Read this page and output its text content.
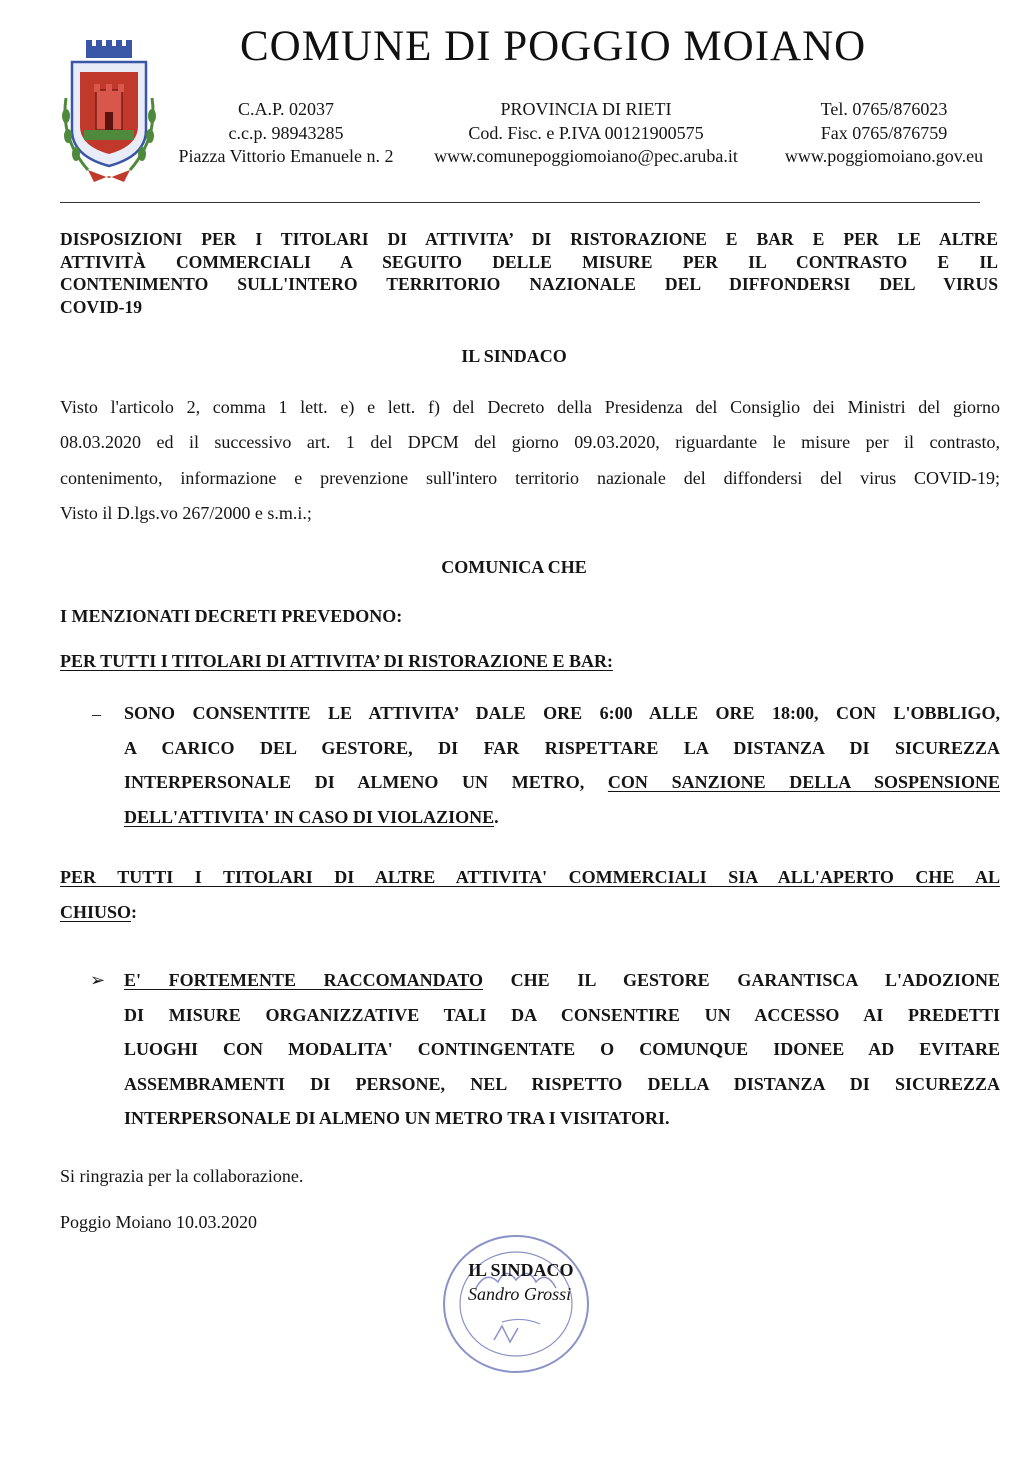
COMUNE DI POGGIO MOIANO
C.A.P. 02037
c.c.p. 98943285
Piazza Vittorio Emanuele n. 2
PROVINCIA DI RIETI
Cod. Fisc. e P.IVA 00121900575
www.comunepoggiomoiano@pec.aruba.it
Tel. 0765/876023
Fax 0765/876759
www.poggiomoiano.gov.eu
DISPOSIZIONI PER I TITOLARI DI ATTIVITA’ DI RISTORAZIONE E BAR E PER LE ALTRE
ATTIVITÀ COMMERCIALI A SEGUITO DELLE MISURE PER IL CONTRASTO E IL
CONTENIMENTO SULL'INTERO TERRITORIO NAZIONALE DEL DIFFONDERSI DEL VIRUS
COVID-19
IL SINDACO
Visto l'articolo 2, comma 1 lett. e) e lett. f) del Decreto della Presidenza del Consiglio dei Ministri del giorno
08.03.2020 ed il successivo art. 1 del DPCM del giorno 09.03.2020, riguardante le misure per il contrasto,
contenimento, informazione e prevenzione sull'intero territorio nazionale del diffondersi del virus COVID-19;
Visto il D.lgs.vo 267/2000 e s.m.i.;
COMUNICA CHE
I MENZIONATI DECRETI PREVEDONO:
PER TUTTI I TITOLARI DI ATTIVITA’ DI RISTORAZIONE E BAR:
– SONO CONSENTITE LE ATTIVITA’ DALE ORE 6:00 ALLE ORE 18:00, CON L'OBBLIGO,
A CARICO DEL GESTORE, DI FAR RISPETTARE LA DISTANZA DI SICUREZZA
INTERPERSONALE DI ALMENO UN METRO, CON SANZIONE DELLA SOSPENSIONE
DELL'ATTIVITA' IN CASO DI VIOLAZIONE.
PER TUTTI I TITOLARI DI ALTRE ATTIVITA' COMMERCIALI SIA ALL'APERTO CHE AL
CHIUSO:
➢ E' FORTEMENTE RACCOMANDATO CHE IL GESTORE GARANTISCA L'ADOZIONE
DI MISURE ORGANIZZATIVE TALI DA CONSENTIRE UN ACCESSO AI PREDETTI
LUOGHI CON MODALITA' CONTINGENTATE O COMUNQUE IDONEE AD EVITARE
ASSEMBRAMENTI DI PERSONE, NEL RISPETTO DELLA DISTANZA DI SICUREZZA
INTERPERSONALE DI ALMENO UN METRO TRA I VISITATORI.
Si ringrazia per la collaborazione.
Poggio Moiano 10.03.2020
IL SINDACO
Sandro Grossi
